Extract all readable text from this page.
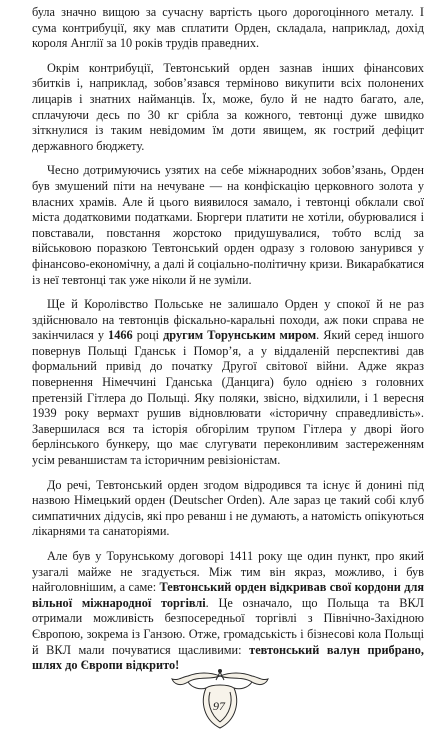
була значно вищою за сучасну вартість цього дорогоцінного металу. І сума контрибуції, яку мав сплатити Орден, складала, наприклад, дохід короля Англії за 10 років трудів праведних.

Окрім контрибуції, Тевтонський орден зазнав інших фінансових збитків і, наприклад, зобов’язався терміново викупити всіх полонених лицарів і знатних найманців. Їх, може, було й не надто багато, але, сплачуючи десь по 30 кг срібла за кожного, тевтонці дуже швидко зіткнулися із таким невідомим їм доти явищем, як гострий дефіцит державного бюджету.

Чесно дотримуючись узятих на себе міжнародних зобов’язань, Орден був змушений піти на нечуване — на конфіскацію церковного золота у власних храмів. Але й цього виявилося замало, і тевтонці обклали свої міста додатковими податками. Бюргери платити не хотіли, обурювалися і повставали, повстання жорстоко придушувалися, тобто вслід за військовою поразкою Тевтонський орден одразу з головою занурився у фінансово-економічну, а далі й соціально-політичну кризи. Викарабкатися із неї тевтонці так уже ніколи й не зуміли.

Ще й Королівство Польське не залишало Орден у спокої й не раз здійснювало на тевтонців фіскально-каральні походи, аж поки справа не закінчилася у 1466 році другим Торунським миром. Який серед іншого повернув Польщі Гданськ і Помор’я, а у віддаленій перспективі дав формальний привід до початку Другої світової війни. Адже якраз повернення Німеччині Гданська (Данцига) було однією з головних претензій Гітлера до Польщі. Яку поляки, звісно, відхилили, і 1 вересня 1939 року вермахт рушив відновлювати «історичну справедливість». Завершилася вся та історія обгорілим трупом Гітлера у дворі його берлінського бункеру, що має слугувати переконливим застереженням усім реваншистам та історичним ревізіоністам.

До речі, Тевтонський орден згодом відродився та існує й донині під назвою Німецький орден (Deutscher Orden). Але зараз це такий собі клуб симпатичних дідусів, які про реванш і не думають, а натомість опікуються лікарнями та санаторіями.

Але був у Торунському договорі 1411 року ще один пункт, про який узагалі майже не згадується. Між тим він якраз, можливо, і був найголовнішим, а саме: Тевтонський орден відкривав свої кордони для вільної міжнародної торгівлі. Це означало, що Польща та ВКЛ отримали можливість безпосередньої торгівлі з Північно-Західною Європою, зокрема із Ганзою. Отже, громадськість і бізнесові кола Польщі й ВКЛ мали почуватися щасливими: тевтонський валун прибрано, шлях до Європи відкрито!

97
